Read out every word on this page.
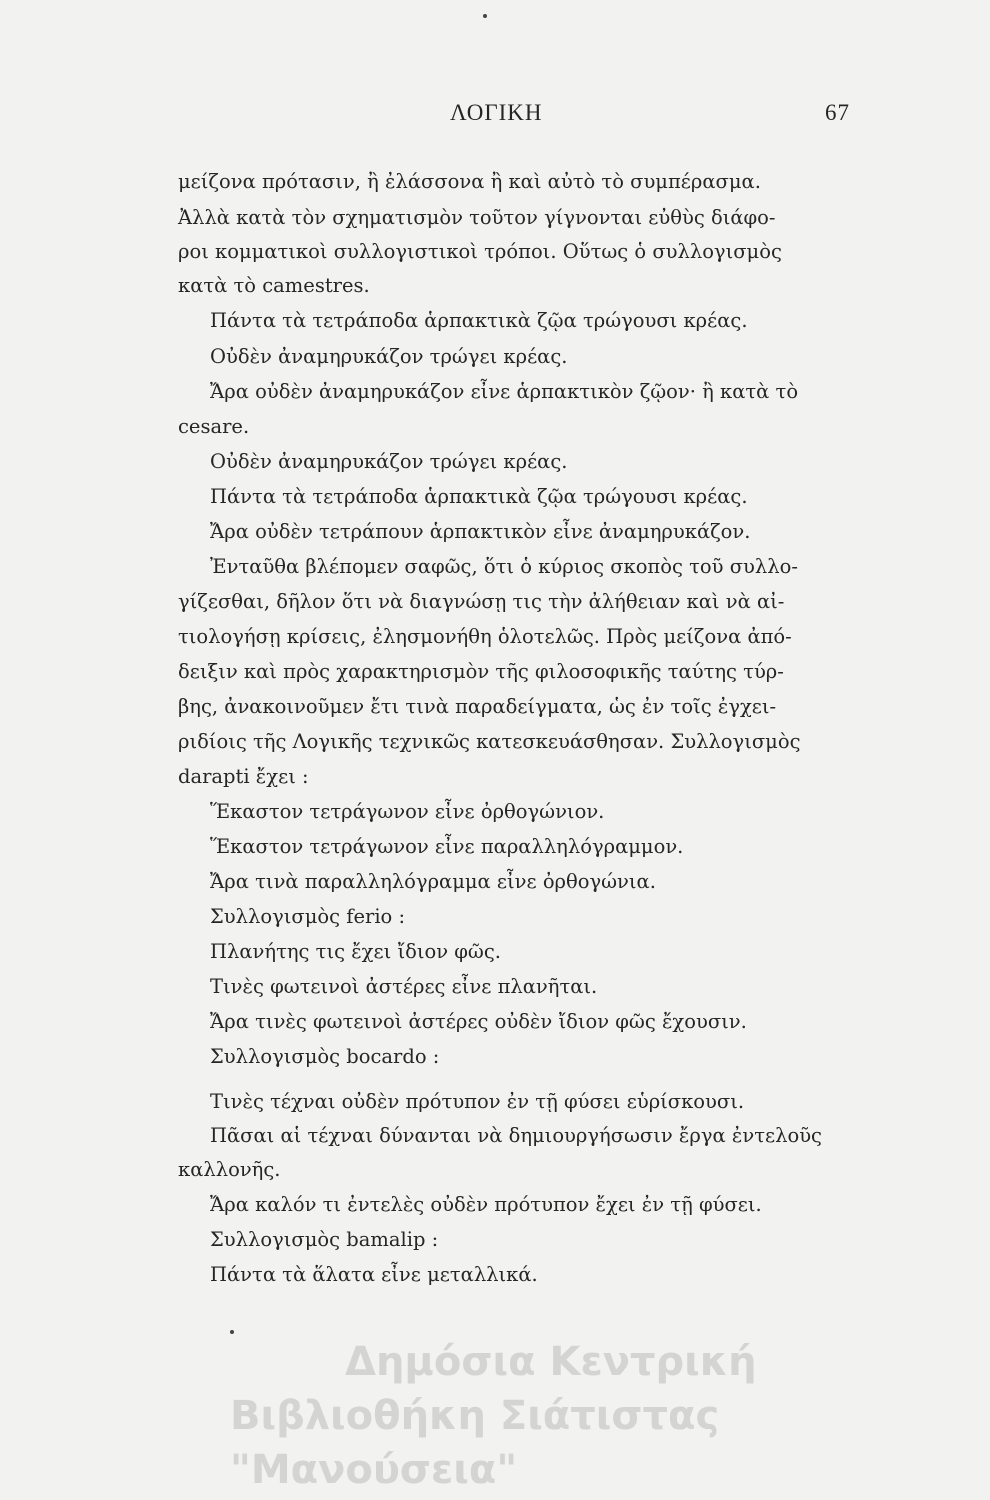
ΛΟΓΙΚΗ	67
μείζονα πρότασιν, ἢ ἐλάσσονα ἢ καὶ αὐτὸ τὸ συμπέρασμα.
Ἀλλὰ κατὰ τὸν σχηματισμὸν τοῦτον γίγνονται εὐθὺς διάφο-
ροι κομματικοὶ συλλογιστικοὶ τρόποι. Οὕτως ὁ συλλογισμὸς
κατὰ τὸ camestres.
Πάντα τὰ τετράποδα ἁρπακτικὰ ζῷα τρώγουσι κρέας.
Οὐδὲν ἀναμηρυκάζον τρώγει κρέας.
Ἄρα οὐδὲν ἀναμηρυκάζον εἶνε ἁρπακτικὸν ζῷον· ἢ κατὰ τὸ
cesare.
Οὐδὲν ἀναμηρυκάζον τρώγει κρέας.
Πάντα τὰ τετράποδα ἁρπακτικὰ ζῷα τρώγουσι κρέας.
Ἄρα οὐδὲν τετράπουν ἁρπακτικὸν εἶνε ἀναμηρυκάζον.
Ἐνταῦθα βλέπομεν σαφῶς, ὅτι ὁ κύριος σκοπὸς τοῦ συλλο-
γίζεσθαι, δῆλον ὅτι νὰ διαγνώσῃ τις τὴν ἀλήθειαν καὶ νὰ αἰ-
τιολογήσῃ κρίσεις, ἐλησμονήθη ὁλοτελῶς. Πρὸς μείζονα ἀπό-
δειξιν καὶ πρὸς χαρακτηρισμὸν τῆς φιλοσοφικῆς ταύτης τύρ-
βης, ἀνακοινοῦμεν ἔτι τινὰ παραδείγματα, ὡς ἐν τοῖς ἐγχει-
ριδίοις τῆς Λογικῆς τεχνικῶς κατεσκευάσθησαν. Συλλογισμὸς
darapti ἔχει :
Ἕκαστον τετράγωνον εἶνε ὀρθογώνιον.
Ἕκαστον τετράγωνον εἶνε παραλληλόγραμμον.
Ἄρα τινὰ παραλληλόγραμμα εἶνε ὀρθογώνια.
Συλλογισμὸς ferio :
Πλανήτης τις ἔχει ἴδιον φῶς.
Τινὲς φωτεινοὶ ἀστέρες εἶνε πλανῆται.
Ἄρα τινὲς φωτεινοὶ ἀστέρες οὐδὲν ἴδιον φῶς ἔχουσιν.
Συλλογισμὸς bocardo :
Τινὲς τέχναι οὐδὲν πρότυπον ἐν τῇ φύσει εὑρίσκουσι.
Πᾶσαι αἱ τέχναι δύνανται νὰ δημιουργήσωσιν ἔργα ἐντελοῦς
καλλονῆς.
Ἄρα καλόν τι ἐντελὲς οὐδὲν πρότυπον ἔχει ἐν τῇ φύσει.
Συλλογισμὸς bamalip :
Πάντα τὰ ἅλατα εἶνε μεταλλικά.
Δημόσια Κεντρική
Βιβλιοθήκη Σιάτιστας "Μανούσεια"
